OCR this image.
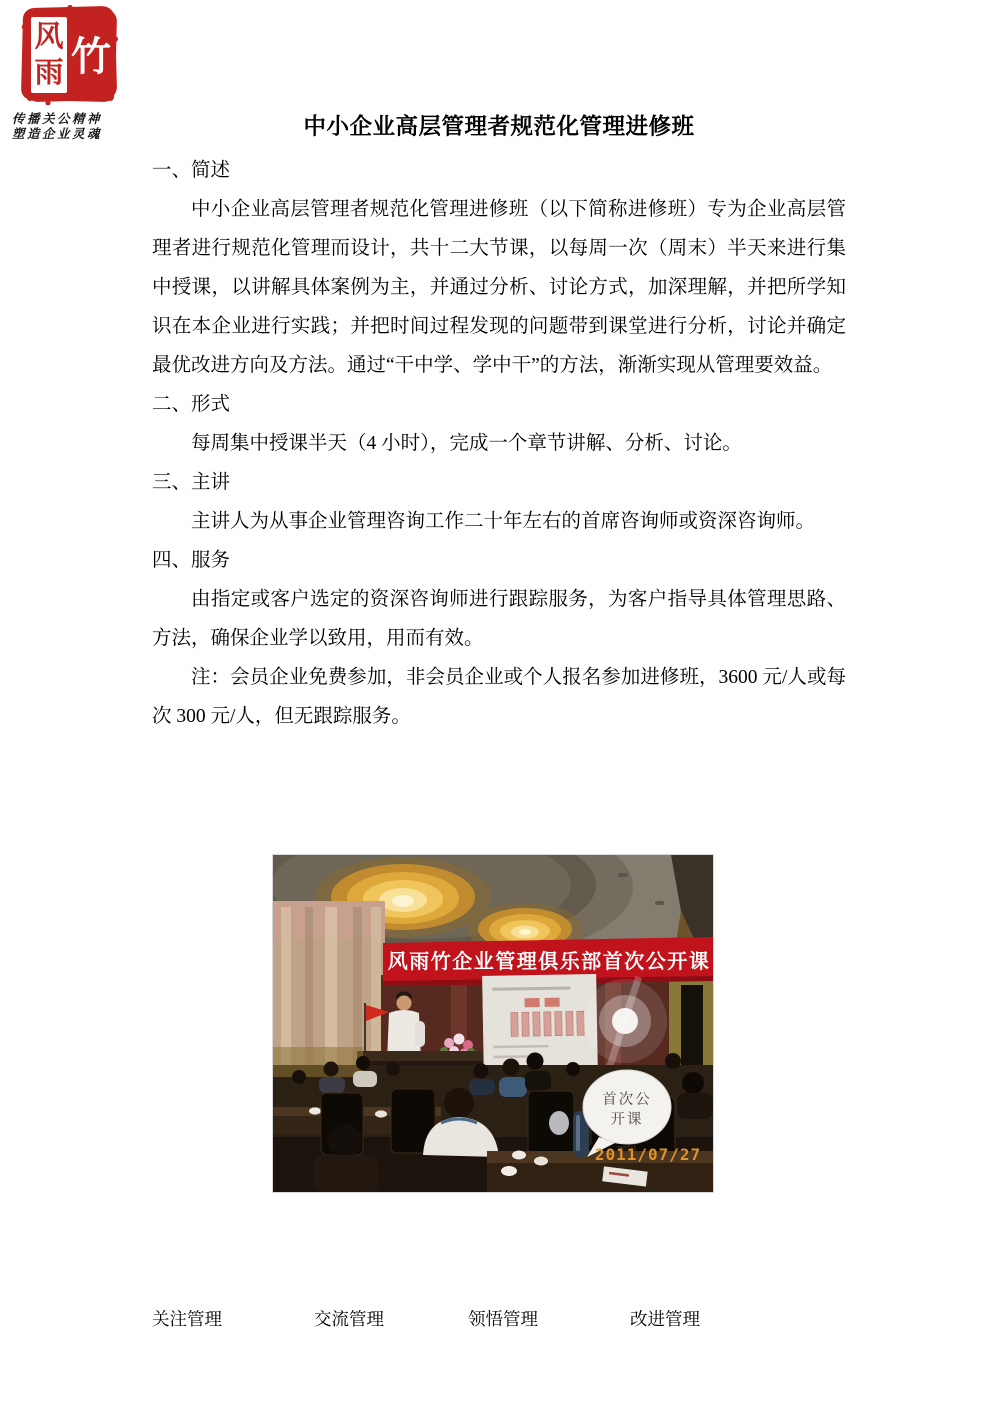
风
雨 竹
传播关公精神
塑造企业灵魂	中小企业高层管理者规范化管理进修班
一、简述

中小企业高层管理者规范化管理进修班（以下简称进修班）专为企业高层管理者进行规范化管理而设计，共十二大节课，以每周一次（周末）半天来进行集中授课，以讲解具体案例为主，并通过分析、讨论方式，加深理解，并把所学知识在本企业进行实践；并把时间过程发现的问题带到课堂进行分析，讨论并确定最优改进方向及方法。通过“干中学、学中干”的方法，渐渐实现从管理要效益。

二、形式

每周集中授课半天（4 小时），完成一个章节讲解、分析、讨论。

三、主讲

主讲人为从事企业管理咨询工作二十年左右的首席咨询师或资深咨询师。

四、服务

由指定或客户选定的资深咨询师进行跟踪服务，为客户指导具体管理思路、方法，确保企业学以致用，用而有效。

注：会员企业免费参加，非会员企业或个人报名参加进修班，3600 元/人或每次 300 元/人，但无跟踪服务。

风雨竹企业管理俱乐部首次公开课
首次公
开课
2011/07/27
关注管理	交流管理	领悟管理	改进管理
